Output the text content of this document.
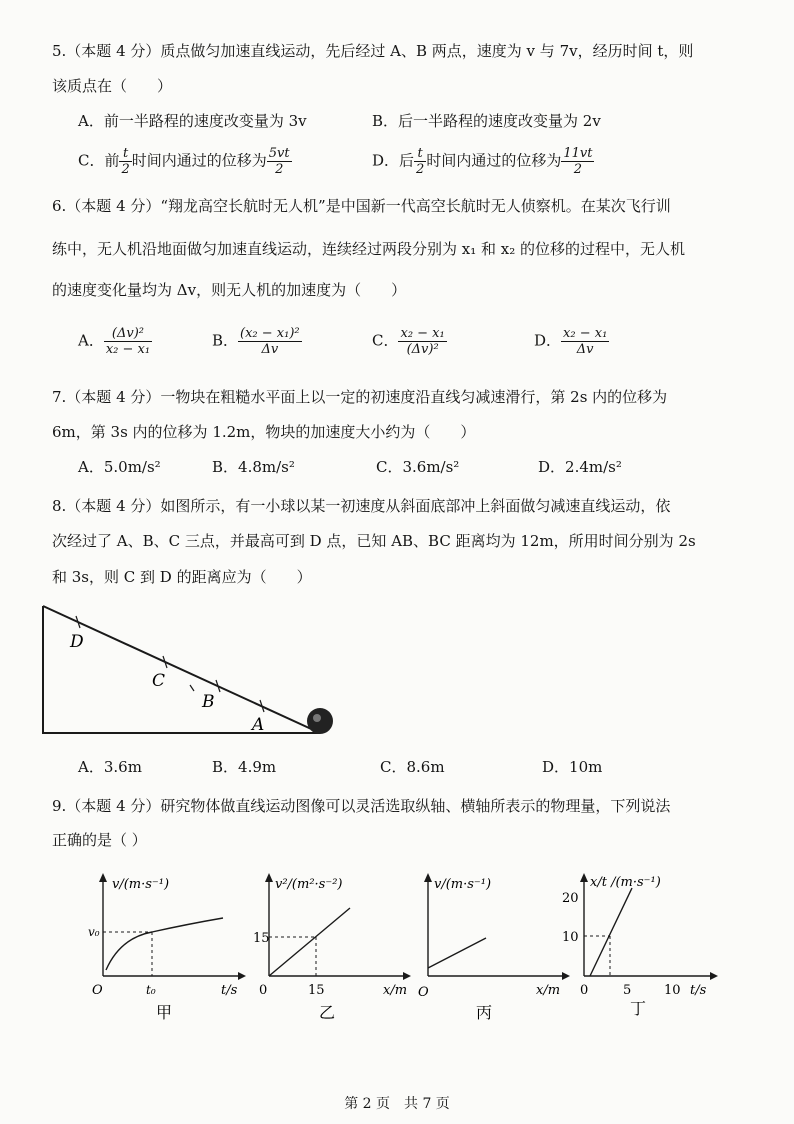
5.（本题 4 分）质点做匀加速直线运动，先后经过 A、B 两点，速度为 v 与 7v，经历时间 t，则
该质点在（　　）
A．前一半路程的速度改变量为 3v	B．后一半路程的速度改变量为 2v
C．前 $\frac{t}{2}$ 时间内通过的位移为 $\frac{5vt}{2}$	D．后 $\frac{t}{2}$ 时间内通过的位移为 $\frac{11vt}{2}$
6.（本题 4 分）“翔龙高空长航时无人机”是中国新一代高空长航时无人侦察机。在某次飞行训
练中，无人机沿地面做匀加速直线运动，连续经过两段分别为 x₁ 和 x₂ 的位移的过程中，无人机
的速度变化量均为 Δv，则无人机的加速度为（　　）
A． $\frac{\text{(Δv)²}}{\text{x₂ − x₁}}$	B． $\frac{\text{(x₂ − x₁)²}}{\Delta v}$	C． $\frac{\text{x₂ − x₁}}{\text{(Δv)²}}$	D． $\frac{\text{x₂ − x₁}}{\Delta v}$
7.（本题 4 分）一物块在粗糙水平面上以一定的初速度沿直线匀减速滑行，第 2s 内的位移为
6m，第 3s 内的位移为 1.2m，物块的加速度大小约为（　　）
A．5.0m/s²	B．4.8m/s²	C．3.6m/s²	D．2.4m/s²
8.（本题 4 分）如图所示，有一小球以某一初速度从斜面底部冲上斜面做匀减速直线运动，依
次经过了 A、B、C 三点，并最高可到 D 点，已知 AB、BC 距离均为 12m，所用时间分别为 2s
和 3s，则 C 到 D 的距离应为（　　）
D
C
B
A
A．3.6m	B．4.9m	C．8.6m	D．10m
9.（本题 4 分）研究物体做直线运动图像可以灵活选取纵轴、横轴所表示的物理量，下列说法
正确的是（ ）
v/(m·s⁻¹)
v₀
t₀
O	t/s
甲
v²/(m²·s⁻²)
15
15
0	x/m
乙
v/(m·s⁻¹)
O	x/m
丙
x/t /(m·s⁻¹)
20
10
0	5	10 t/s
丁
第 2 页　共 7 页
